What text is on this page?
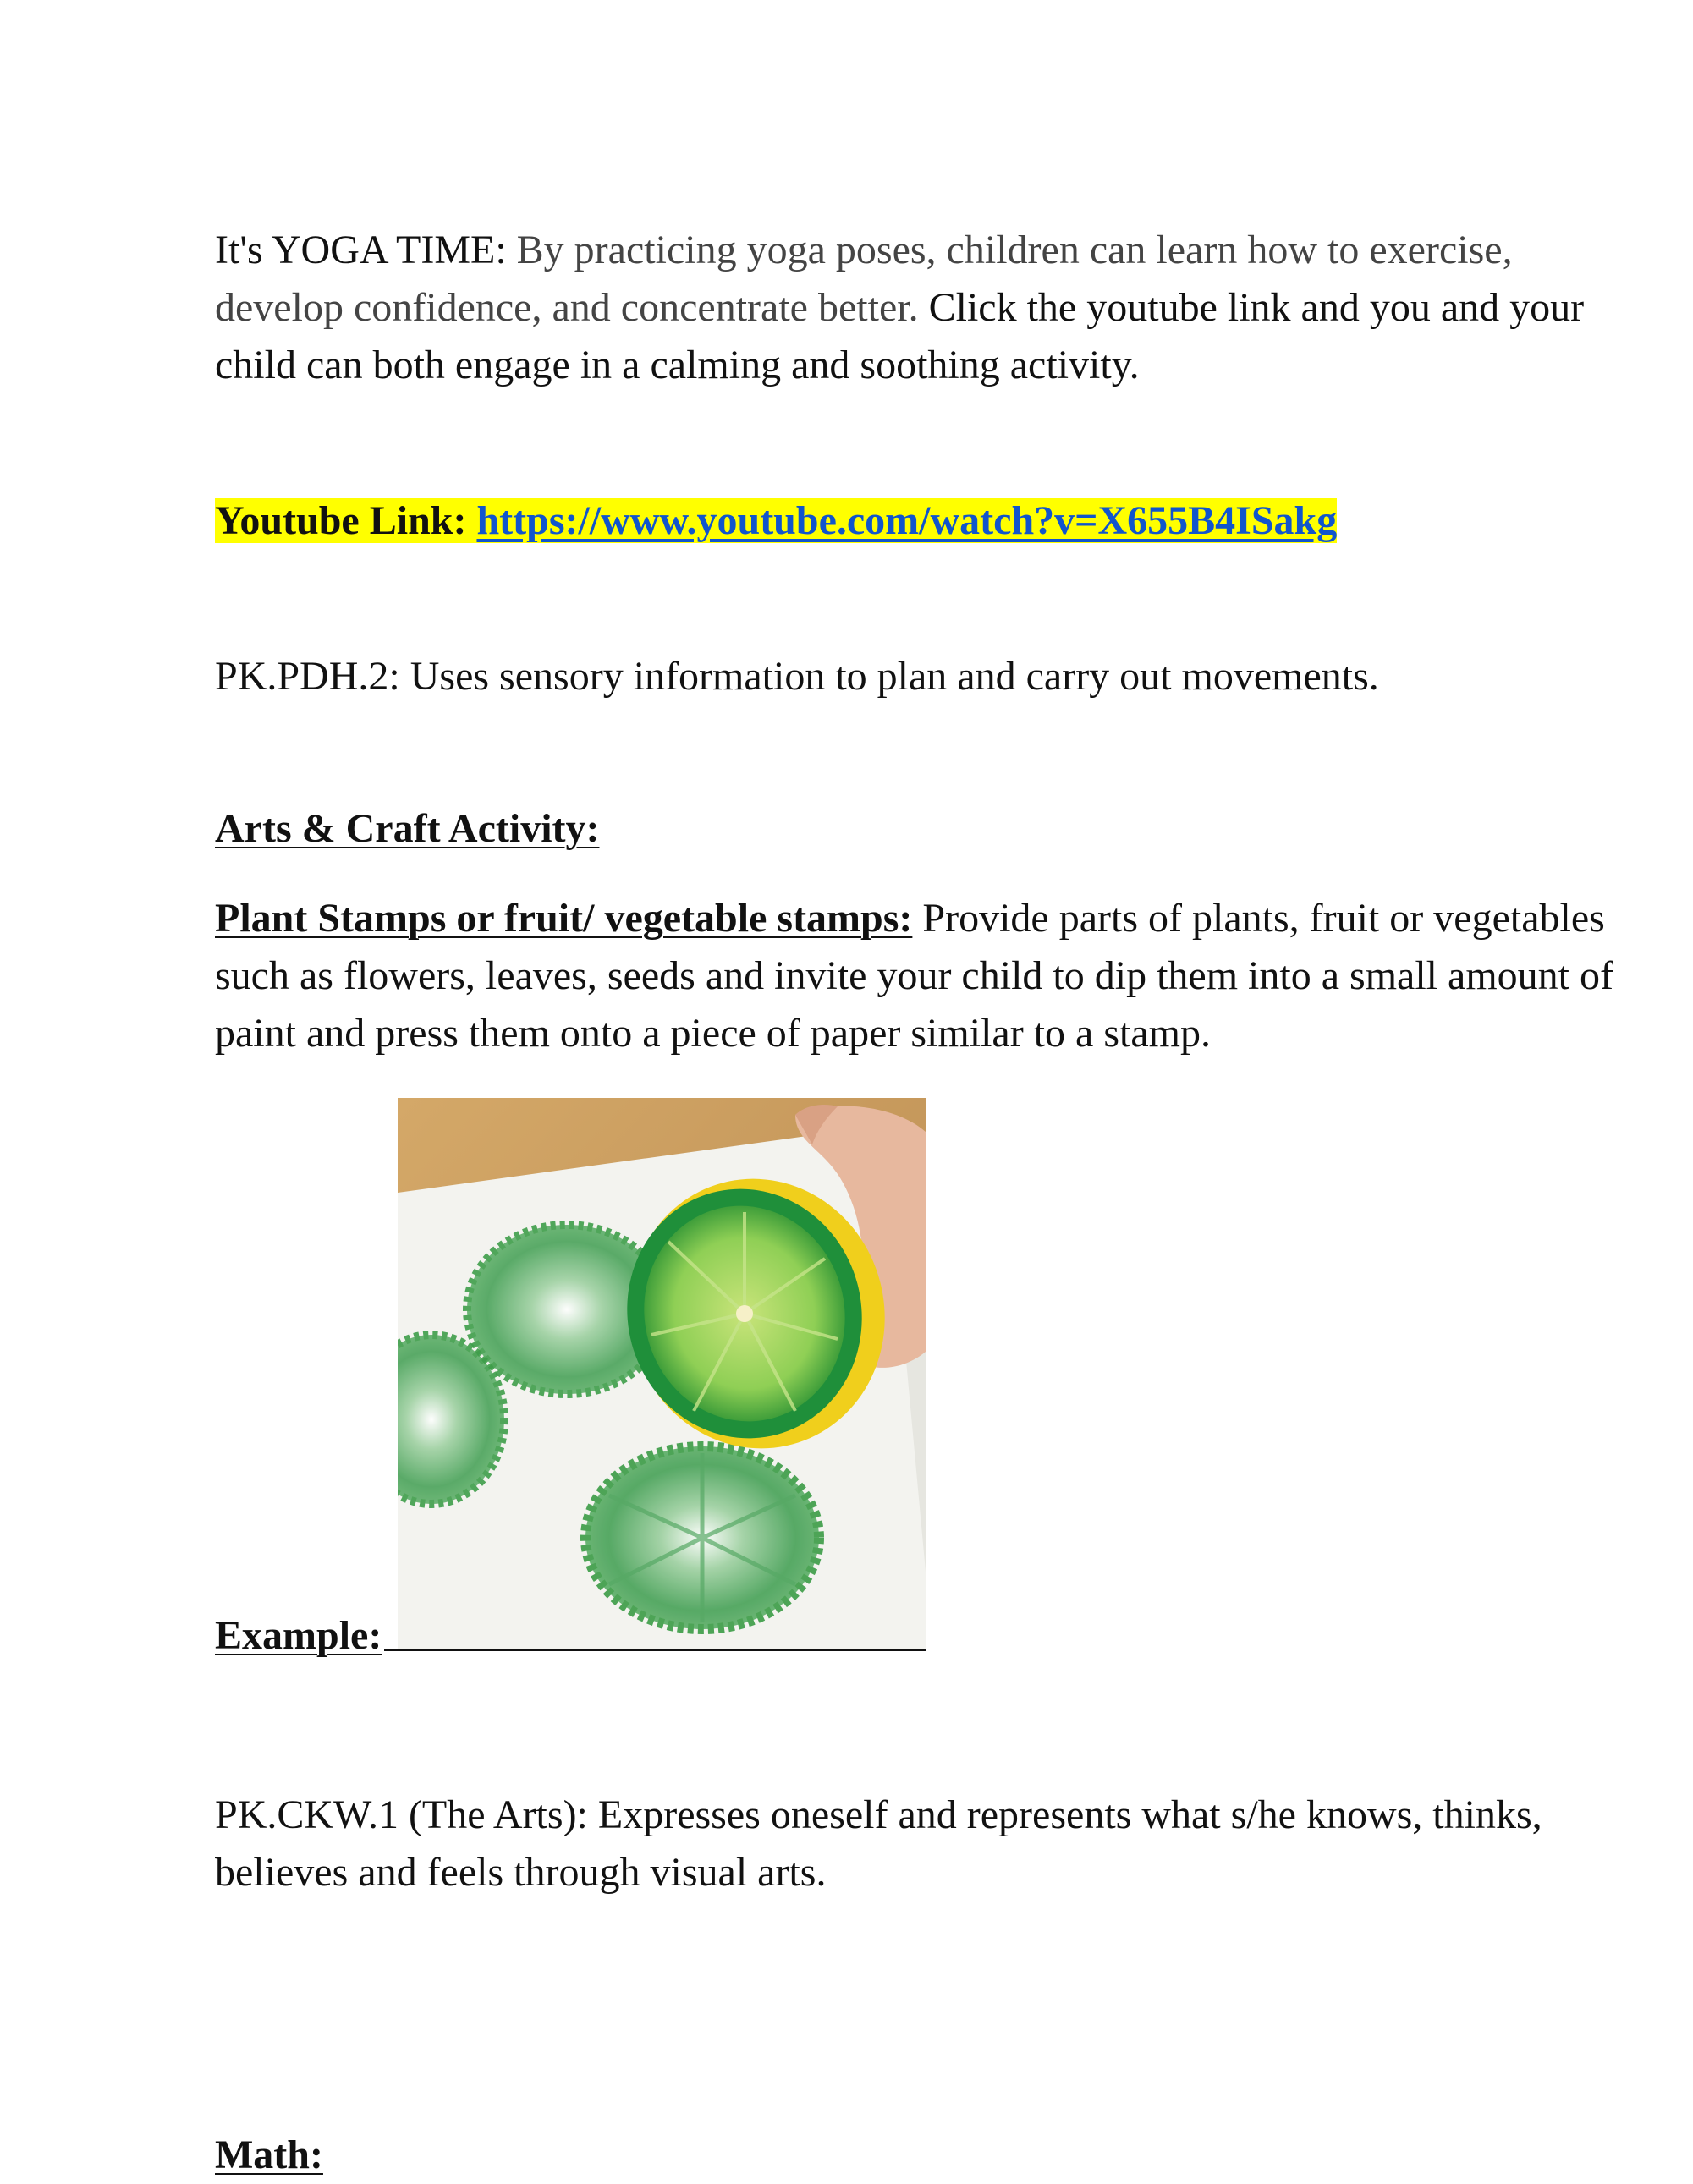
It's YOGA TIME: By practicing yoga poses, children can learn how to exercise, develop confidence, and concentrate better. Click the youtube link and you and your child can both engage in a calming and soothing activity.
Youtube Link: https://www.youtube.com/watch?v=X655B4ISakg
PK.PDH.2: Uses sensory information to plan and carry out movements.
Arts & Craft Activity:
Plant Stamps or fruit/ vegetable stamps: Provide parts of plants, fruit or vegetables such as flowers, leaves, seeds and invite your child to dip them into a small amount of paint and press them onto a piece of paper similar to a stamp.
Example:
PK.CKW.1 (The Arts): Expresses oneself and represents what s/he knows, thinks, believes and feels through visual arts.
Math:
